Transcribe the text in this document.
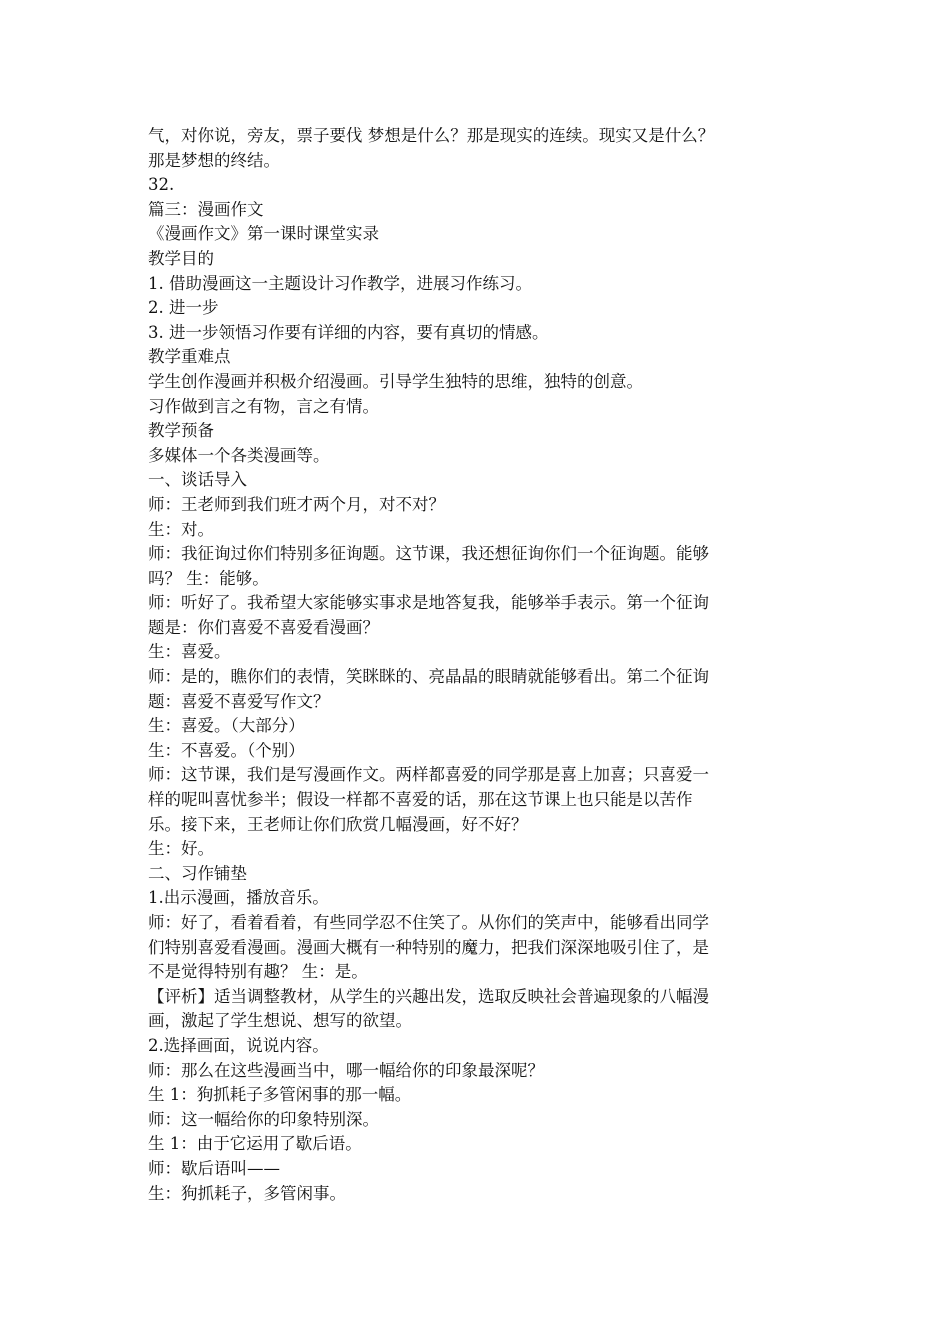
气，对你说，旁友，票子要伐 梦想是什么？那是现实的连续。现实又是什么？

那是梦想的终结。

32.

篇三：漫画作文

《漫画作文》第一课时课堂实录

教学目的

1. 借助漫画这一主题设计习作教学，进展习作练习。

2. 进一步

3. 进一步领悟习作要有详细的内容，要有真切的情感。

教学重难点

学生创作漫画并积极介绍漫画。引导学生独特的思维，独特的创意。

习作做到言之有物，言之有情。

教学预备

多媒体一个各类漫画等。

一、谈话导入

师：王老师到我们班才两个月，对不对？

生：对。

师：我征询过你们特别多征询题。这节课，我还想征询你们一个征询题。能够

吗？ 生：能够。

师：听好了。我希望大家能够实事求是地答复我，能够举手表示。第一个征询

题是：你们喜爱不喜爱看漫画？

生：喜爱。

师：是的，瞧你们的表情，笑眯眯的、亮晶晶的眼睛就能够看出。第二个征询

题：喜爱不喜爱写作文？

生：喜爱。（大部分）

生：不喜爱。（个别）

师：这节课，我们是写漫画作文。两样都喜爱的同学那是喜上加喜；只喜爱一

样的呢叫喜忧参半；假设一样都不喜爱的话，那在这节课上也只能是以苦作

乐。接下来，王老师让你们欣赏几幅漫画，好不好？

生：好。

二、习作铺垫

1.出示漫画，播放音乐。

师：好了，看着看着，有些同学忍不住笑了。从你们的笑声中，能够看出同学

们特别喜爱看漫画。漫画大概有一种特别的魔力，把我们深深地吸引住了，是

不是觉得特别有趣？ 生：是。

【评析】适当调整教材，从学生的兴趣出发，选取反映社会普遍现象的八幅漫

画，激起了学生想说、想写的欲望。

2.选择画面，说说内容。

师：那么在这些漫画当中，哪一幅给你的印象最深呢？

生 1：狗抓耗子多管闲事的那一幅。

师：这一幅给你的印象特别深。

生 1：由于它运用了歇后语。

师：歇后语叫——

生：狗抓耗子，多管闲事。
